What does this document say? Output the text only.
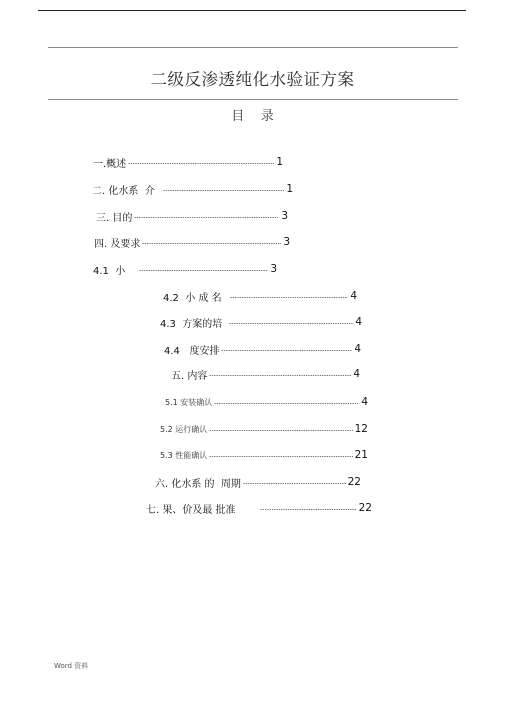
二级反渗透纯化水验证方案
目    录
一.概述	1
二. 化水系  介	1
三. 目的	3
四. 及要求	3
4.1  小	3
4.2  小 成 名	4
4.3  方案的培	4
4.4   度安排	4
五. 内容	4
5.1 安装确认	4
5.2 运行确认	12
5.3 性能确认	21
六. 化水系 的  周期	22
七. 果、价及最 批准	22
Word 资料
